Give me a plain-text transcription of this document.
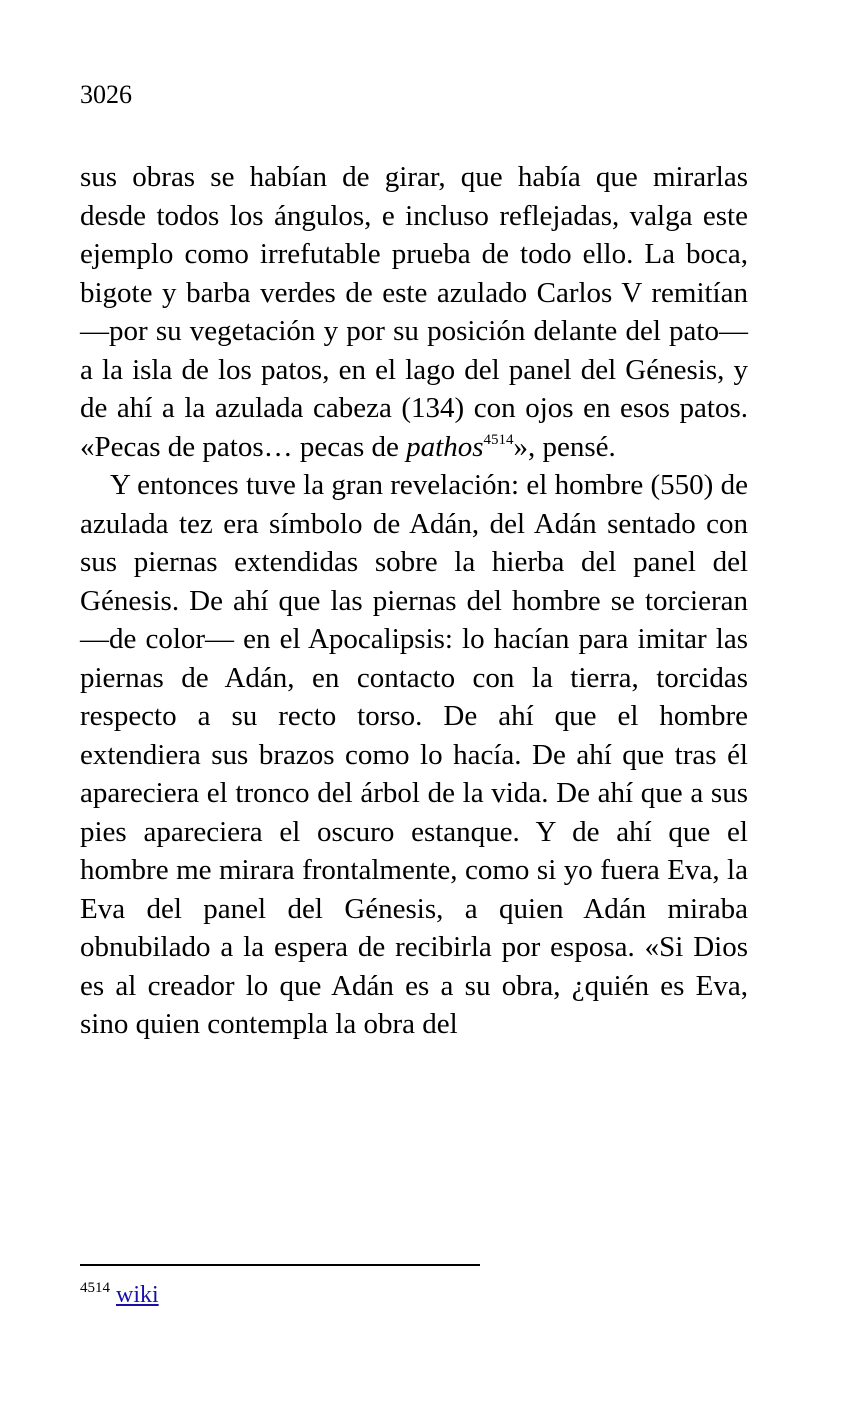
3026

sus obras se habían de girar, que había que mirarlas desde todos los ángulos, e incluso reflejadas, valga este ejemplo como irrefutable prueba de todo ello. La boca, bigote y barba verdes de este azulado Carlos V remitían —por su vegetación y por su posición delante del pato— a la isla de los patos, en el lago del panel del Génesis, y de ahí a la azulada cabeza (134) con ojos en esos patos. «Pecas de patos… pecas de pathos$^{4514}$», pensé.

Y entonces tuve la gran revelación: el hombre (550) de azulada tez era símbolo de Adán, del Adán sentado con sus piernas extendidas sobre la hierba del panel del Génesis. De ahí que las piernas del hombre se torcieran —de color— en el Apocalipsis: lo hacían para imitar las piernas de Adán, en contacto con la tierra, torcidas respecto a su recto torso. De ahí que el hombre extendiera sus brazos como lo hacía. De ahí que tras él apareciera el tronco del árbol de la vida. De ahí que a sus pies apareciera el oscuro estanque. Y de ahí que el hombre me mirara frontalmente, como si yo fuera Eva, la Eva del panel del Génesis, a quien Adán miraba obnubilado a la espera de recibirla por esposa. «Si Dios es al creador lo que Adán es a su obra, ¿quién es Eva, sino quien contempla la obra del

$^{4514}$ wiki
